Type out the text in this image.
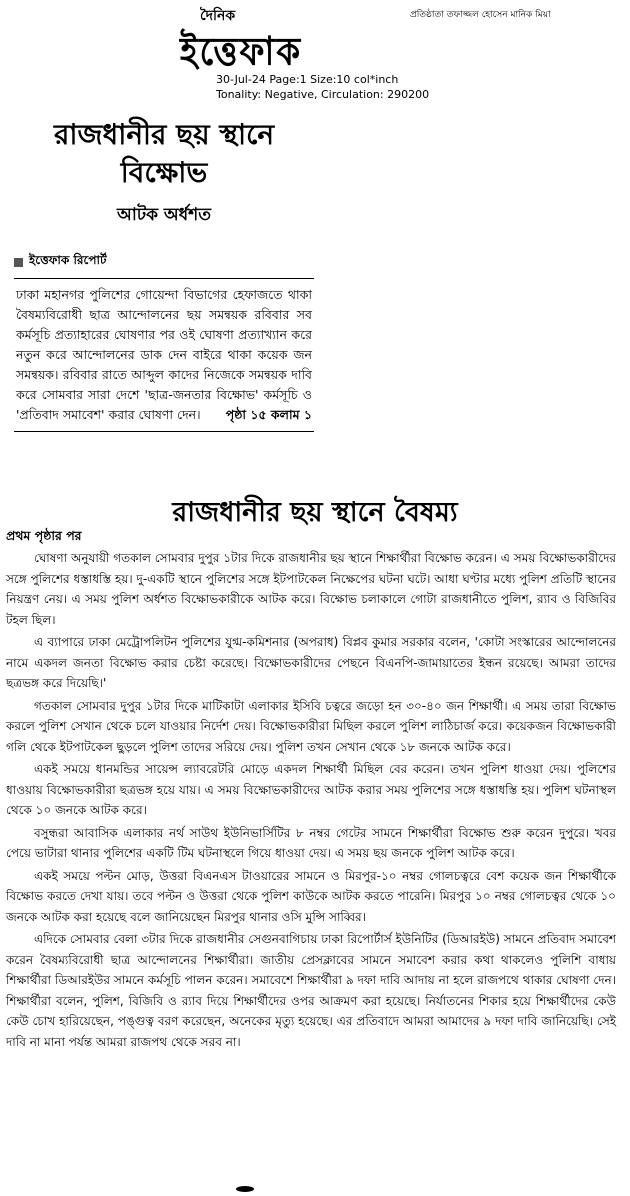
দৈনিক	প্রতিষ্ঠাতা তফাজ্জল হোসেন মানিক মিয়া
ইত্তেফাক
30-Jul-24 Page:1 Size:10 col*inch
Tonality: Negative, Circulation: 290200
রাজধানীর ছয় স্থানে
বিক্ষোভ
আটক অর্ধশত
ইত্তেফাক রিপোর্ট
ঢাকা মহানগর পুলিশের গোয়েন্দা বিভাগের হেফাজতে থাকা বৈষম্যবিরোধী ছাত্র আন্দোলনের ছয় সমন্বয়ক রবিবার সব কর্মসূচি প্রত্যাহারের ঘোষণার পর ওই ঘোষণা প্রত্যাখ্যান করে নতুন করে আন্দোলনের ডাক দেন বাইরে থাকা কয়েক জন সমন্বয়ক। রবিবার রাতে আব্দুল কাদের নিজেকে সমন্বয়ক দাবি করে সোমবার সারা দেশে 'ছাত্র-জনতার বিক্ষোভ' কর্মসূচি ও 'প্রতিবাদ সমাবেশ' করার ঘোষণা দেন। পৃষ্ঠা ১৫ কলাম ১
রাজধানীর ছয় স্থানে বৈষম্য
প্রথম পৃষ্ঠার পর

ঘোষণা অনুযায়ী গতকাল সোমবার দুপুর ১টার দিকে রাজধানীর ছয় স্থানে শিক্ষার্থীরা বিক্ষোভ করেন। এ সময় বিক্ষোভকারীদের সঙ্গে পুলিশের ধস্তাধস্তি হয়। দু-একটি স্থানে পুলিশের সঙ্গে ইটপাটকেল নিক্ষেপের ঘটনা ঘটে। আধা ঘণ্টার মধ্যে পুলিশ প্রতিটি স্থানের নিয়ন্ত্রণ নেয়। এ সময় পুলিশ অর্ধশত বিক্ষোভকারীকে আটক করে। বিক্ষোভ চলাকালে গোটা রাজধানীতে পুলিশ, র‍্যাব ও বিজিবির টহল ছিল।

এ ব্যাপারে ঢাকা মেট্রোপলিটন পুলিশের যুগ্ম-কমিশনার (অপরাধ) বিপ্লব কুমার সরকার বলেন, 'কোটা সংস্কারের আন্দোলনের নামে একদল জনতা বিক্ষোভ করার চেষ্টা করেছে। বিক্ষোভকারীদের পেছনে বিএনপি-জামায়াতের ইন্ধন রয়েছে। আমরা তাদের ছত্রভঙ্গ করে দিয়েছি।'

গতকাল সোমবার দুপুর ১টার দিকে মাটিকাটা এলাকার ইসিবি চত্বরে জড়ো হন ৩০-৪০ জন শিক্ষার্থী। এ সময় তারা বিক্ষোভ করলে পুলিশ সেখান থেকে চলে যাওয়ার নির্দেশ দেয়। বিক্ষোভকারীরা মিছিল করলে পুলিশ লাঠিচার্জ করে। কয়েকজন বিক্ষোভকারী গলি থেকে ইটপাটকেল ছুড়লে পুলিশ তাদের সরিয়ে দেয়। পুলিশ তখন সেখান থেকে ১৮ জনকে আটক করে।

একই সময়ে ধানমন্ডির সায়েন্স ল্যাবরেটরি মোড়ে একদল শিক্ষার্থী মিছিল বের করেন। তখন পুলিশ ধাওয়া দেয়। পুলিশের ধাওয়ায় বিক্ষোভকারীরা ছত্রভঙ্গ হয়ে যায়। এ সময় বিক্ষোভকারীদের আটক করার সময় পুলিশের সঙ্গে ধস্তাধস্তি হয়। পুলিশ ঘটনাস্থল থেকে ১০ জনকে আটক করে।

বসুন্ধরা আবাসিক এলাকার নর্থ সাউথ ইউনিভার্সিটির ৮ নম্বর গেটের সামনে শিক্ষার্থীরা বিক্ষোভ শুরু করেন দুপুরে। খবর পেয়ে ভাটারা থানার পুলিশের একটি টিম ঘটনাস্থলে গিয়ে ধাওয়া দেয়। এ সময় ছয় জনকে পুলিশ আটক করে।

একই সময়ে পল্টন মোড়, উত্তরা বিএনএস টাওয়ারের সামনে ও মিরপুর-১০ নম্বর গোলচত্বরে বেশ কয়েক জন শিক্ষার্থীকে বিক্ষোভ করতে দেখা যায়। তবে পল্টন ও উত্তরা থেকে পুলিশ কাউকে আটক করতে পারেনি। মিরপুর ১০ নম্বর গোলচত্বর থেকে ১০ জনকে আটক করা হয়েছে বলে জানিয়েছেন মিরপুর থানার ওসি মুন্সি সাব্বির।

এদিকে সোমবার বেলা ৩টার দিকে রাজধানীর সেগুনবাগিচায় ঢাকা রিপোর্টার্স ইউনিটির (ডিআরইউ) সামনে প্রতিবাদ সমাবেশ করেন বৈষম্যবিরোধী ছাত্র আন্দোলনের শিক্ষার্থীরা। জাতীয় প্রেসক্লাবের সামনে সমাবেশ করার কথা থাকলেও পুলিশি বাধায় শিক্ষার্থীরা ডিআরইউর সামনে কর্মসূচি পালন করেন। সমাবেশে শিক্ষার্থীরা ৯ দফা দাবি আদায় না হলে রাজপথে থাকার ঘোষণা দেন। শিক্ষার্থীরা বলেন, পুলিশ, বিজিবি ও র‍্যাব দিয়ে শিক্ষার্থীদের ওপর আক্রমণ করা হয়েছে। নির্যাতনের শিকার হয়ে শিক্ষার্থীদের কেউ কেউ চোখ হারিয়েছেন, পঙ্গুত্ব বরণ করেছেন, অনেকের মৃত্যু হয়েছে। এর প্রতিবাদে আমরা আমাদের ৯ দফা দাবি জানিয়েছি। সেই দাবি না মানা পর্যন্ত আমরা রাজপথ থেকে সরব না।
